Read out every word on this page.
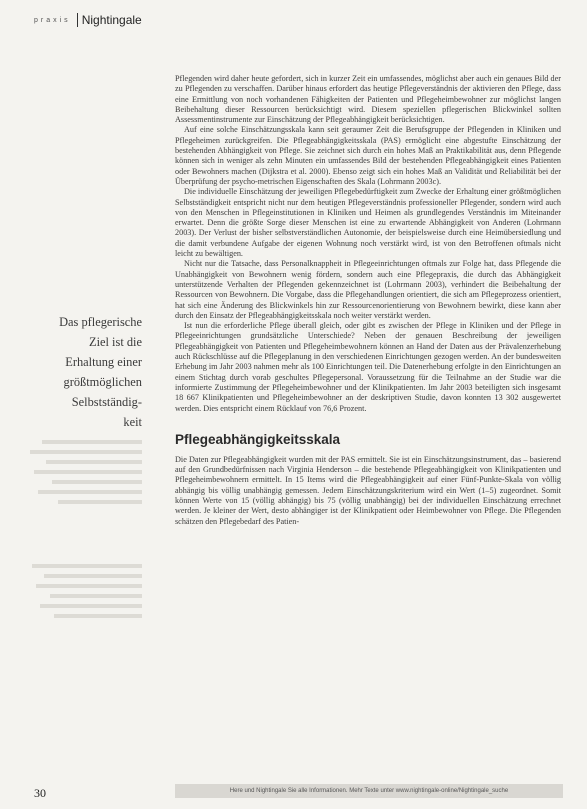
praxis Nightingale
Das pflegerische
Ziel ist die
Erhaltung einer
größtmöglichen
Selbstständig-
keit

Pflegenden wird daher heute gefordert, sich in kurzer Zeit ein umfassendes, möglichst aber auch ein genaues Bild der zu Pflegenden zu verschaffen. Darüber hinaus erfordert das heutige Pflegeverständnis der aktivieren den Pflege, dass eine Ermittlung von noch vorhandenen Fähigkeiten der Patienten und Pflegeheimbewohner zur möglichst langen Beibehaltung dieser Ressourcen berücksichtigt wird. Diesem speziellen pflegerischen Blickwinkel sollten Assessmentinstrumente zur Einschätzung der Pflegeabhängigkeit berücksichtigen.

Auf eine solche Einschätzungsskala kann seit geraumer Zeit die Berufsgruppe der Pflegenden in Kliniken und Pflegeheimen zurückgreifen. Die Pflegeabhängigkeitsskala (PAS) ermöglicht eine abgestufte Einschätzung der bestehenden Abhängigkeit von Pflege. Sie zeichnet sich durch ein hohes Maß an Praktikabilität aus, denn Pflegende können sich in weniger als zehn Minuten ein umfassendes Bild der bestehenden Pflegeabhängigkeit eines Patienten oder Bewohners machen (Dijkstra et al. 2000). Ebenso zeigt sich ein hohes Maß an Validität und Reliabilität bei der Überprüfung der psycho-metrischen Eigenschaften des Skala (Lohrmann 2003c).

Die individuelle Einschätzung der jeweiligen Pflegebedürftigkeit zum Zwecke der Erhaltung einer größtmöglichen Selbstständigkeit entspricht nicht nur dem heutigen Pflegeverständnis professioneller Pflegender, sondern wird auch von den Menschen in Pflegeinstitutionen in Kliniken und Heimen als grundlegendes Verständnis im Miteinander erwartet. Denn die größte Sorge dieser Menschen ist eine zu erwartende Abhängigkeit von Anderen (Lohrmann 2003). Der Verlust der bisher selbstverständlichen Autonomie, der beispielsweise durch eine Heimübersiedlung und die damit verbundene Aufgabe der eigenen Wohnung noch verstärkt wird, ist von den Betroffenen oftmals nicht leicht zu bewältigen.

Nicht nur die Tatsache, dass Personalknappheit in Pflegeeinrichtungen oftmals zur Folge hat, dass Pflegende die Unabhängigkeit von Bewohnern wenig fördern, sondern auch eine Pflegepraxis, die durch das Abhängigkeit unterstützende Verhalten der Pflegenden gekennzeichnet ist (Lohrmann 2003), verhindert die Beibehaltung der Ressourcen von Bewohnern. Die Vorgabe, dass die Pflegehandlungen orientiert, die sich am Pflegeprozess orientiert, hat sich eine Änderung des Blickwinkels hin zur Ressourcenorientierung von Bewohnern bewirkt, diese kann aber durch den Einsatz der Pflegeabhängigkeitsskala noch weiter verstärkt werden.

Ist nun die erforderliche Pflege überall gleich, oder gibt es zwischen der Pflege in Kliniken und der Pflege in Pflegeeinrichtungen grundsätzliche Unterschiede? Neben der genauen Beschreibung der jeweiligen Pflegeabhängigkeit von Patienten und Pflegeheimbewohnern können an Hand der Daten aus der Prävalenzerhebung auch Rückschlüsse auf die Pflegeplanung in den verschiedenen Einrichtungen gezogen werden. An der bundesweiten Erhebung im Jahr 2003 nahmen mehr als 100 Einrichtungen teil. Die Datenerhebung erfolgte in den Einrichtungen an einem Stichtag durch vorab geschultes Pflegepersonal. Voraussetzung für die Teilnahme an der Studie war die informierte Zustimmung der Pflegeheimbewohner und der Klinikpatienten. Im Jahr 2003 beteiligten sich insgesamt 18 667 Klinikpatienten und Pflegeheimbewohner an der deskriptiven Studie, davon konnten 13 302 ausgewertet werden. Dies entspricht einem Rücklauf von 76,6 Prozent.

Pflegeabhängigkeitsskala

Die Daten zur Pflegeabhängigkeit wurden mit der PAS ermittelt. Sie ist ein Einschätzungsinstrument, das – basierend auf den Grundbedürfnissen nach Virginia Henderson – die bestehende Pflegeabhängigkeit von Klinikpatienten und Pflegeheimbewohnern ermittelt. In 15 Items wird die Pflegeabhängigkeit auf einer Fünf-Punkte-Skala von völlig abhängig bis völlig unabhängig gemessen. Jedem Einschätzungskriterium wird ein Wert (1–5) zugeordnet. Somit können Werte von 15 (völlig abhängig) bis 75 (völlig unabhängig) bei der individuellen Einschätzung errechnet werden. Je kleiner der Wert, desto abhängiger ist der Klinikpatient oder Heimbewohner von Pflege. Die Pflegenden schätzen den Pflegebedarf des Patien-

30	Here und Nightingale Sie alle Informationen. Mehr Texte unter www.nightingale-online/Nightingale_suche
